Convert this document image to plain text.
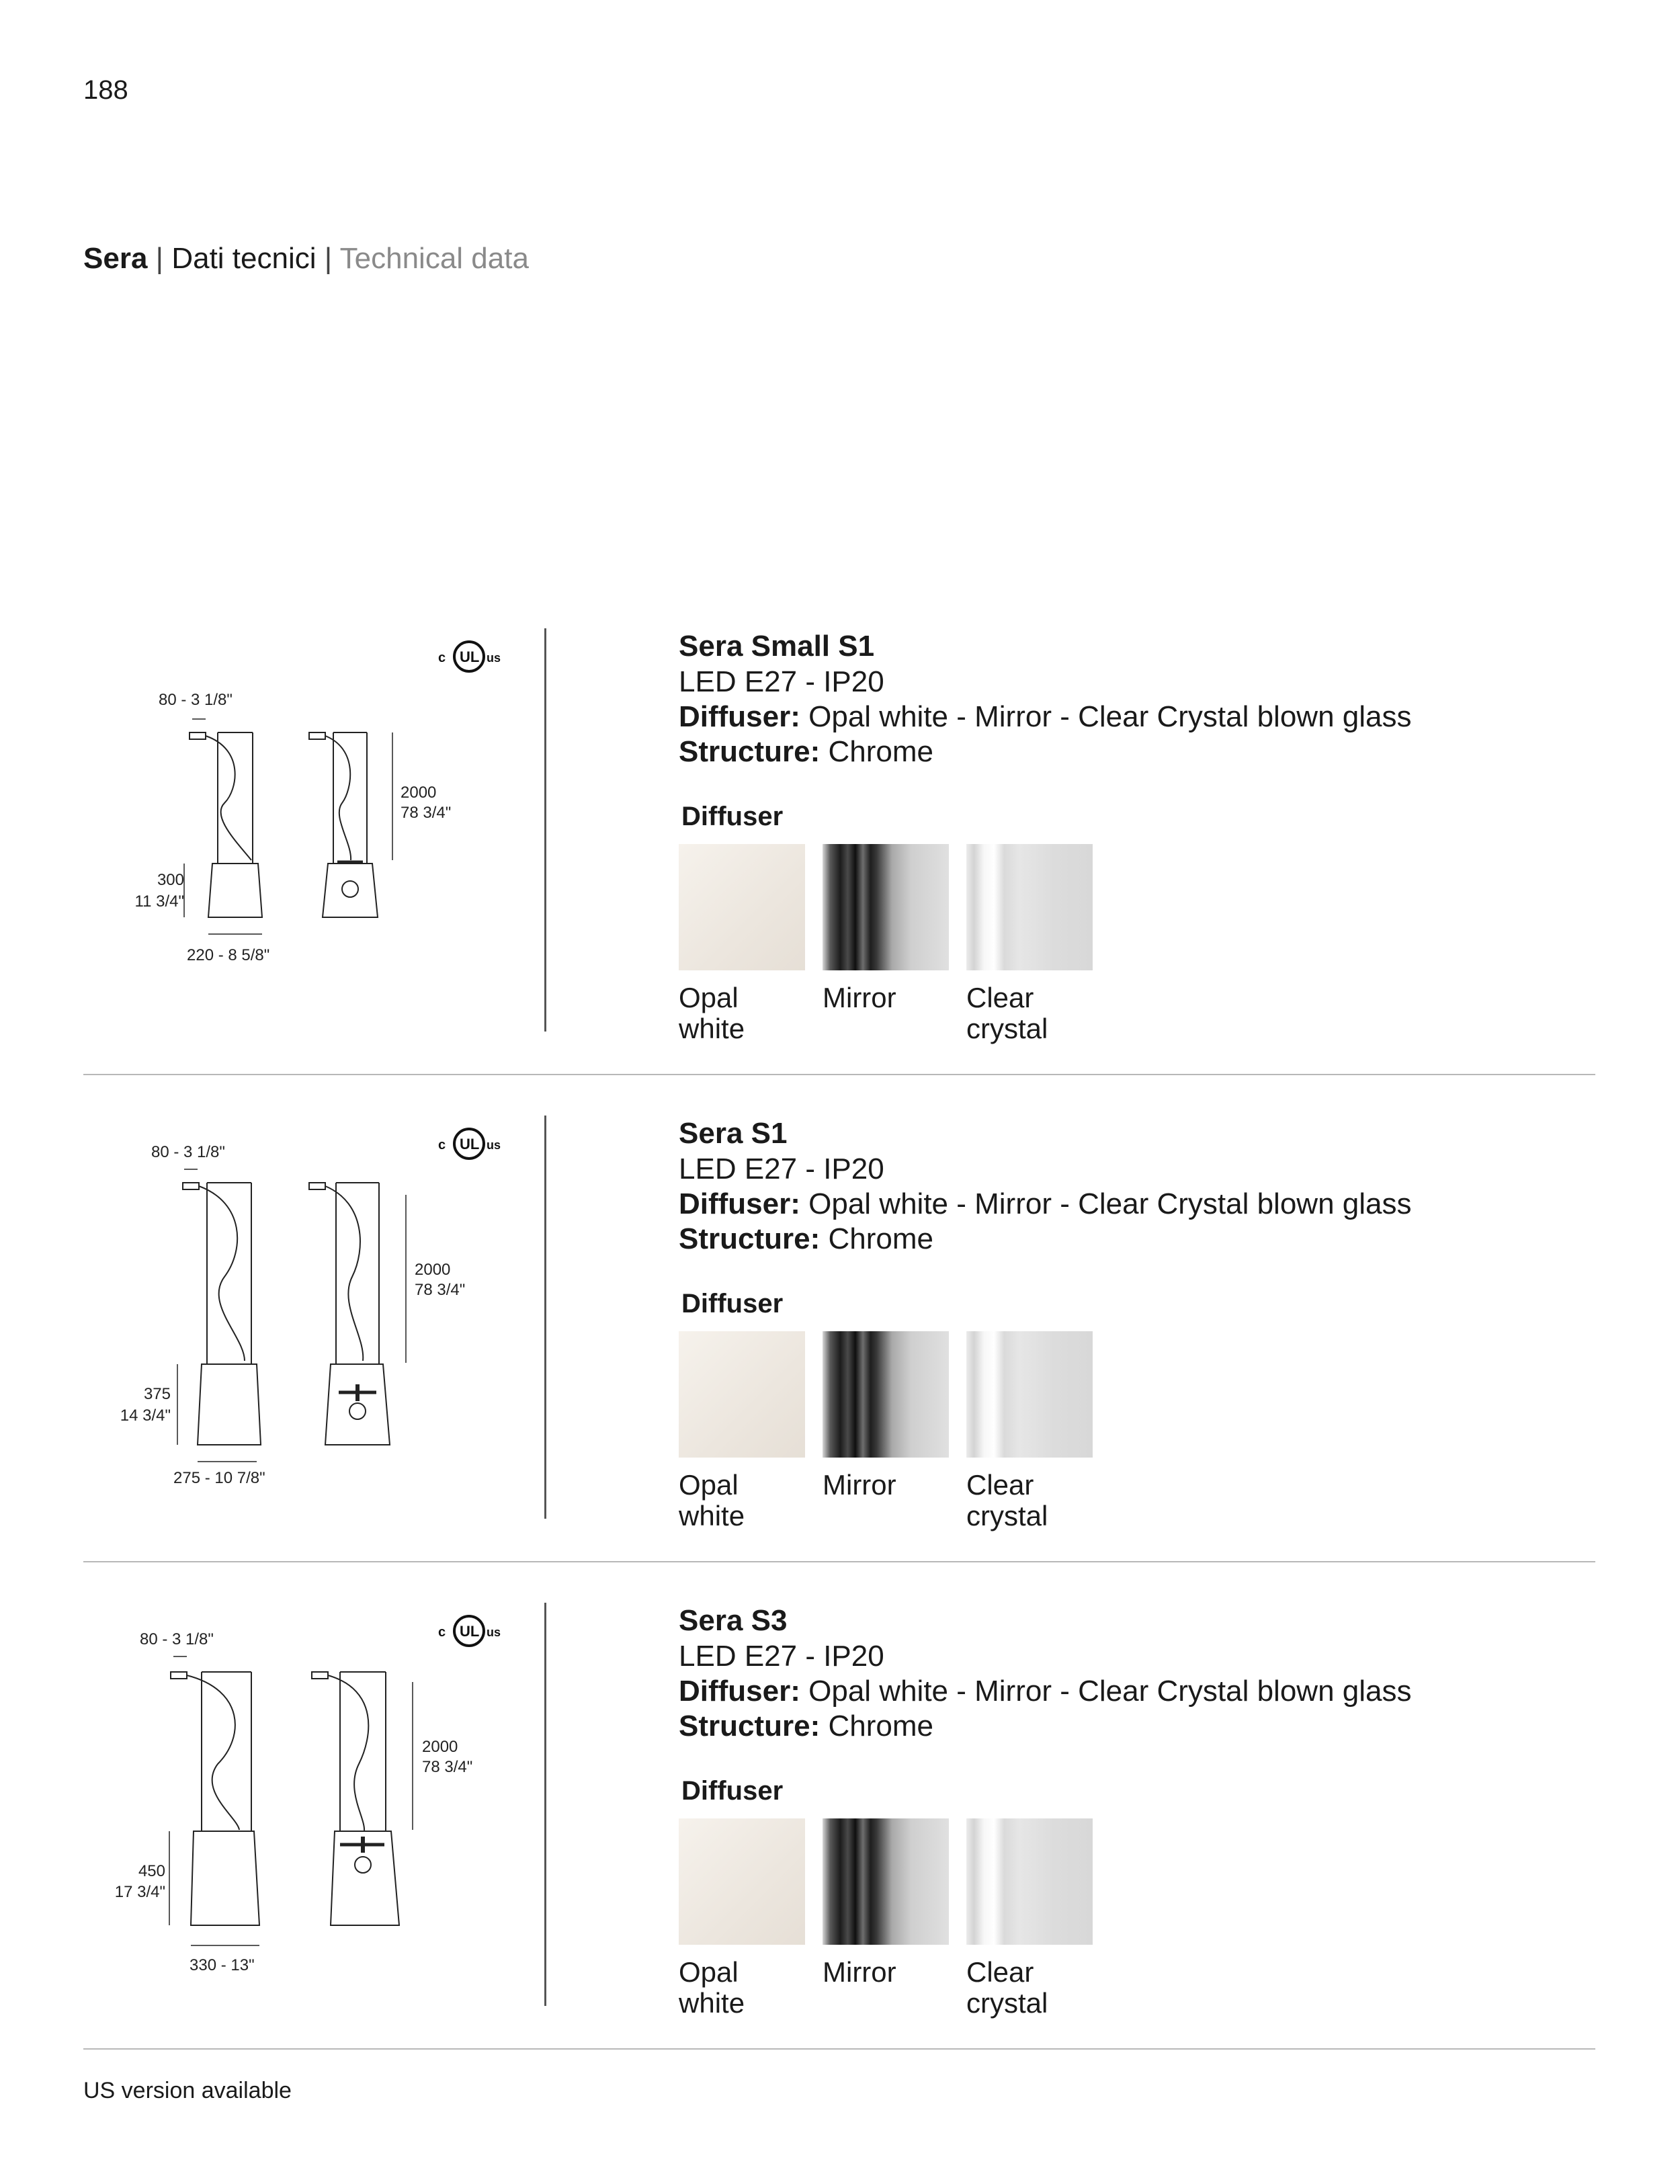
188
Sera | Dati tecnici | Technical data
c UL us
80 - 3 1/8"
2000
78 3/4"
300
11 3/4"
220 - 8 5/8"
Sera Small S1
LED E27 - IP20
Diffuser: Opal white - Mirror - Clear Crystal blown glass
Structure: Chrome
Diffuser
Opal
white
Mirror	Clear
crystal
c UL us
80 - 3 1/8"
2000
78 3/4"
375
14 3/4"
275 - 10 7/8"
Sera S1
LED E27 - IP20
Diffuser: Opal white - Mirror - Clear Crystal blown glass
Structure: Chrome
Diffuser
Opal
white
Mirror	Clear
crystal
c UL us
80 - 3 1/8"
2000
78 3/4"
450
17 3/4"
330 - 13"
Sera S3
LED E27 - IP20
Diffuser: Opal white - Mirror - Clear Crystal blown glass
Structure: Chrome
Diffuser
Opal
white
Mirror	Clear
crystal
US version available
